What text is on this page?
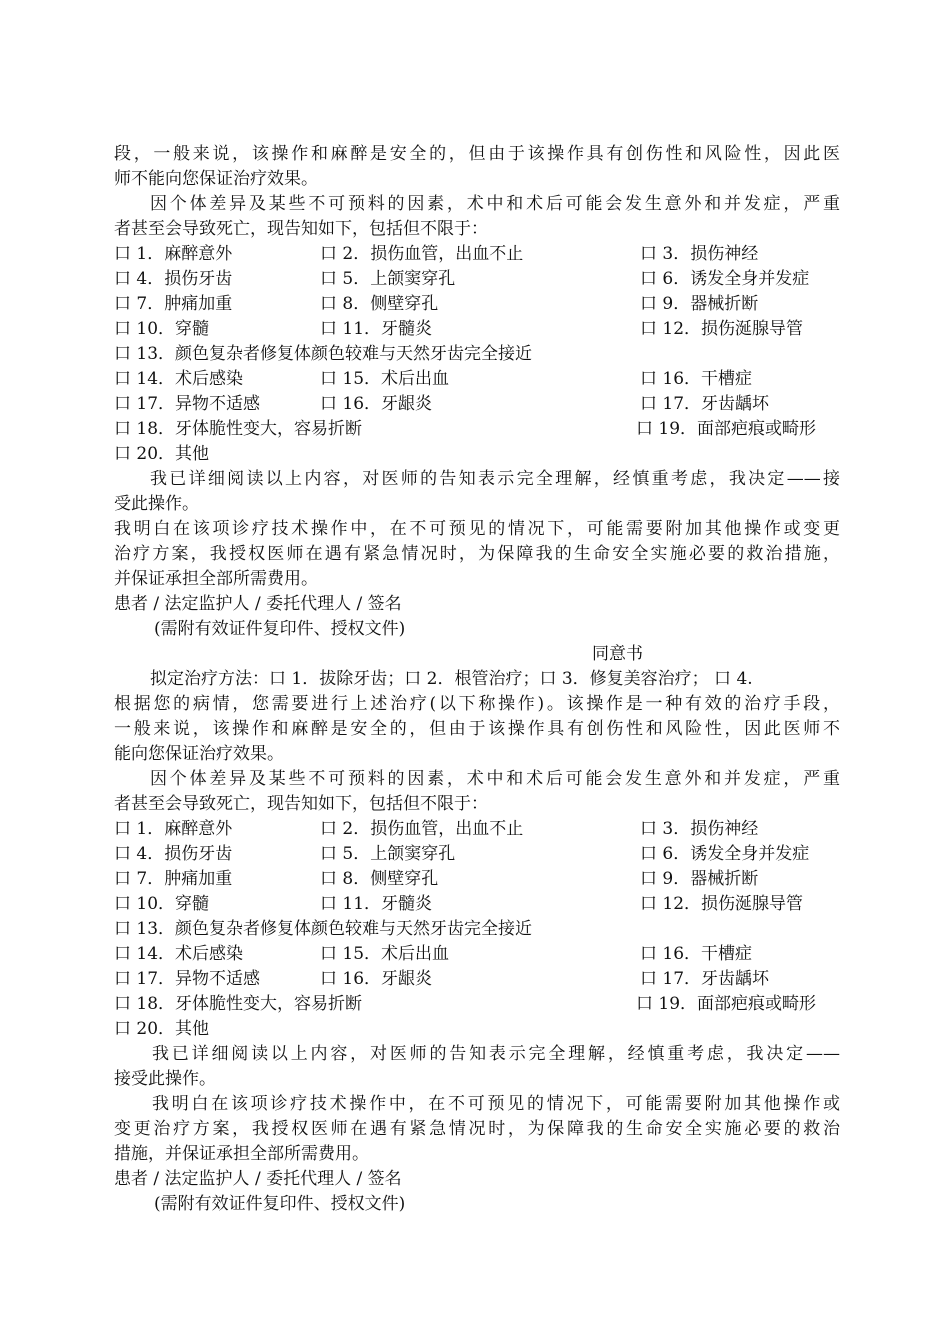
段，一般来说，该操作和麻醉是安全的，但由于该操作具有创伤性和风险性，因此医
师不能向您保证治疗效果。
因个体差异及某些不可预料的因素，术中和术后可能会发生意外和并发症，严重
者甚至会导致死亡，现告知如下，包括但不限于：
口 1．麻醉意外	口 2．损伤血管，出血不止	口 3．损伤神经
口 4．损伤牙齿	口 5．上颌窦穿孔	口 6．诱发全身并发症
口 7．肿痛加重	口 8．侧壁穿孔	口 9．器械折断
口 10．穿髓	口 11．牙髓炎	口 12．损伤涎腺导管
口 13．颜色复杂者修复体颜色较难与天然牙齿完全接近
口 14．术后感染	口 15．术后出血	口 16．干槽症
口 17．异物不适感	口 16．牙龈炎	口 17．牙齿龋坏
口 18．牙体脆性变大，容易折断	口 19．面部疤痕或畸形
口 20．其他
我已详细阅读以上内容，对医师的告知表示完全理解，经慎重考虑，我决定——接
受此操作。
我明白在该项诊疗技术操作中，在不可预见的情况下，可能需要附加其他操作或变更
治疗方案，我授权医师在遇有紧急情况时，为保障我的生命安全实施必要的救治措施，
并保证承担全部所需费用。
患者 / 法定监护人 / 委托代理人 / 签名
(需附有效证件复印件、授权文件)
同意书
拟定治疗方法：口 1．拔除牙齿；口 2．根管治疗；口 3．修复美容治疗； 口 4.
根据您的病情，您需要进行上述治疗(以下称操作)。该操作是一种有效的治疗手段，
一般来说，该操作和麻醉是安全的，但由于该操作具有创伤性和风险性，因此医师不
能向您保证治疗效果。
因个体差异及某些不可预料的因素，术中和术后可能会发生意外和并发症，严重
者甚至会导致死亡，现告知如下，包括但不限于：
口 1．麻醉意外	口 2．损伤血管，出血不止	口 3．损伤神经
口 4．损伤牙齿	口 5．上颌窦穿孔	口 6．诱发全身并发症
口 7．肿痛加重	口 8．侧壁穿孔	口 9．器械折断
口 10．穿髓	口 11．牙髓炎	口 12．损伤涎腺导管
口 13．颜色复杂者修复体颜色较难与天然牙齿完全接近
口 14．术后感染	口 15．术后出血	口 16．干槽症
口 17．异物不适感	口 16．牙龈炎	口 17．牙齿龋坏
口 18．牙体脆性变大，容易折断	口 19．面部疤痕或畸形
口 20．其他
我已详细阅读以上内容，对医师的告知表示完全理解，经慎重考虑，我决定——
接受此操作。
我明白在该项诊疗技术操作中，在不可预见的情况下，可能需要附加其他操作或
变更治疗方案，我授权医师在遇有紧急情况时，为保障我的生命安全实施必要的救治
措施，并保证承担全部所需费用。
患者 / 法定监护人 / 委托代理人 / 签名
(需附有效证件复印件、授权文件)
